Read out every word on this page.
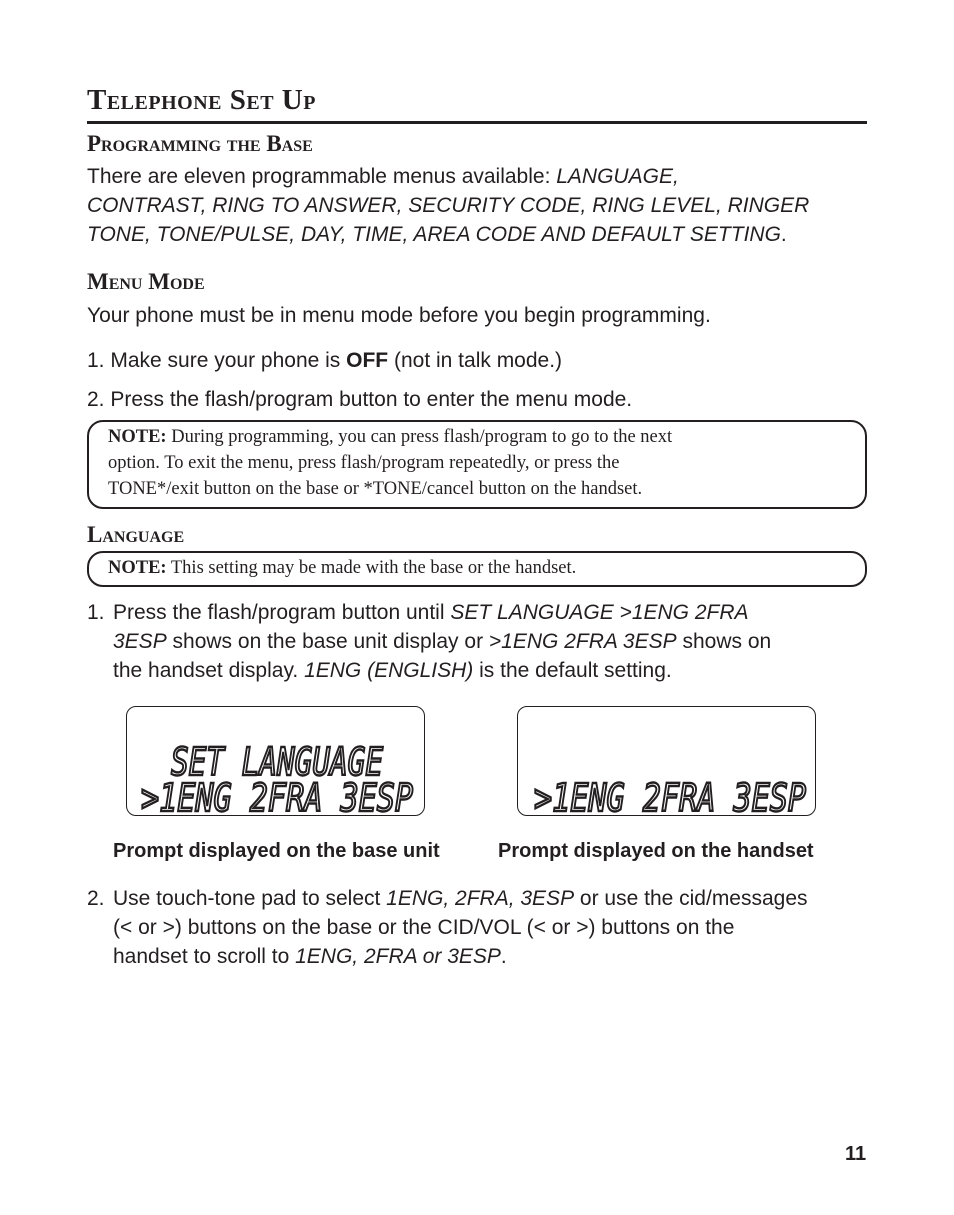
Telephone Set Up
Programming the Base
There are eleven programmable menus available: LANGUAGE,
CONTRAST, RING TO ANSWER, SECURITY CODE, RING LEVEL, RINGER
TONE, TONE/PULSE, DAY, TIME, AREA CODE AND DEFAULT SETTING.
Menu Mode
Your phone must be in menu mode before you begin programming.
1. Make sure your phone is OFF (not in talk mode.)
2. Press the flash/program button to enter the menu mode.
NOTE: During programming, you can press flash/program to go to the next
option. To exit the menu, press flash/program repeatedly, or press the
TONE*/exit button on the base or *TONE/cancel button on the handset.
Language
NOTE: This setting may be made with the base or the handset.
1. Press the flash/program button until SET LANGUAGE >1ENG 2FRA
3ESP shows on the base unit display or >1ENG 2FRA 3ESP shows on
the handset display. 1ENG (ENGLISH) is the default setting.
SET LANGUAGE
>1ENG 2FRA 3ESP	>1ENG 2FRA 3ESP
Prompt displayed on the base unit	Prompt displayed on the handset
2. Use touch-tone pad to select 1ENG, 2FRA, 3ESP or use the cid/messages
(< or >) buttons on the base or the CID/VOL (< or >) buttons on the
handset to scroll to 1ENG, 2FRA or 3ESP.
11
